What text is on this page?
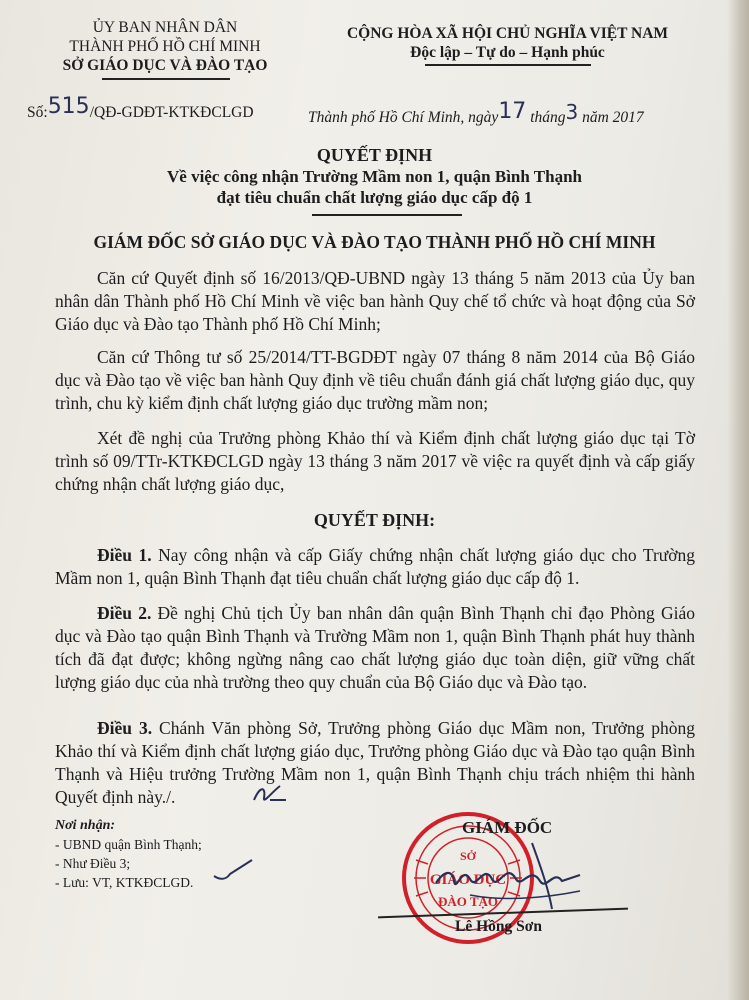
ỦY BAN NHÂN DÂN
THÀNH PHỐ HỒ CHÍ MINH
SỞ GIÁO DỤC VÀ ĐÀO TẠO
CỘNG HÒA XÃ HỘI CHỦ NGHĨA VIỆT NAM
Độc lập – Tự do – Hạnh phúc
Số:515/QĐ-GDĐT-KTKĐCLGD	Thành phố Hồ Chí Minh, ngày17 tháng3 năm 2017
QUYẾT ĐỊNH
Về việc công nhận Trường Mầm non 1, quận Bình Thạnh
đạt tiêu chuẩn chất lượng giáo dục cấp độ 1
GIÁM ĐỐC SỞ GIÁO DỤC VÀ ĐÀO TẠO THÀNH PHỐ HỒ CHÍ MINH
Căn cứ Quyết định số 16/2013/QĐ-UBND ngày 13 tháng 5 năm 2013 của Ủy ban nhân dân Thành phố Hồ Chí Minh về việc ban hành Quy chế tổ chức và hoạt động của Sở Giáo dục và Đào tạo Thành phố Hồ Chí Minh;
Căn cứ Thông tư số 25/2014/TT-BGDĐT ngày 07 tháng 8 năm 2014 của Bộ Giáo dục và Đào tạo về việc ban hành Quy định về tiêu chuẩn đánh giá chất lượng giáo dục, quy trình, chu kỳ kiểm định chất lượng giáo dục trường mầm non;
Xét đề nghị của Trưởng phòng Khảo thí và Kiểm định chất lượng giáo dục tại Tờ trình số 09/TTr-KTKĐCLGD ngày 13 tháng 3 năm 2017 về việc ra quyết định và cấp giấy chứng nhận chất lượng giáo dục,
QUYẾT ĐỊNH:
Điều 1. Nay công nhận và cấp Giấy chứng nhận chất lượng giáo dục cho Trường Mầm non 1, quận Bình Thạnh đạt tiêu chuẩn chất lượng giáo dục cấp độ 1.
Điều 2. Đề nghị Chủ tịch Ủy ban nhân dân quận Bình Thạnh chỉ đạo Phòng Giáo dục và Đào tạo quận Bình Thạnh và Trường Mầm non 1, quận Bình Thạnh phát huy thành tích đã đạt được; không ngừng nâng cao chất lượng giáo dục toàn diện, giữ vững chất lượng giáo dục của nhà trường theo quy chuẩn của Bộ Giáo dục và Đào tạo.
Điều 3. Chánh Văn phòng Sở, Trưởng phòng Giáo dục Mầm non, Trưởng phòng Khảo thí và Kiểm định chất lượng giáo dục, Trưởng phòng Giáo dục và Đào tạo quận Bình Thạnh và Hiệu trưởng Trường Mầm non 1, quận Bình Thạnh chịu trách nhiệm thi hành Quyết định này./.
Nơi nhận:
- UBND quận Bình Thạnh;
- Như Điều 3;
- Lưu: VT, KTKĐCLGD.
SỞ
GIÁO DỤC
ĐÀO TẠO
GIÁM ĐỐC
Lê Hồng Sơn
